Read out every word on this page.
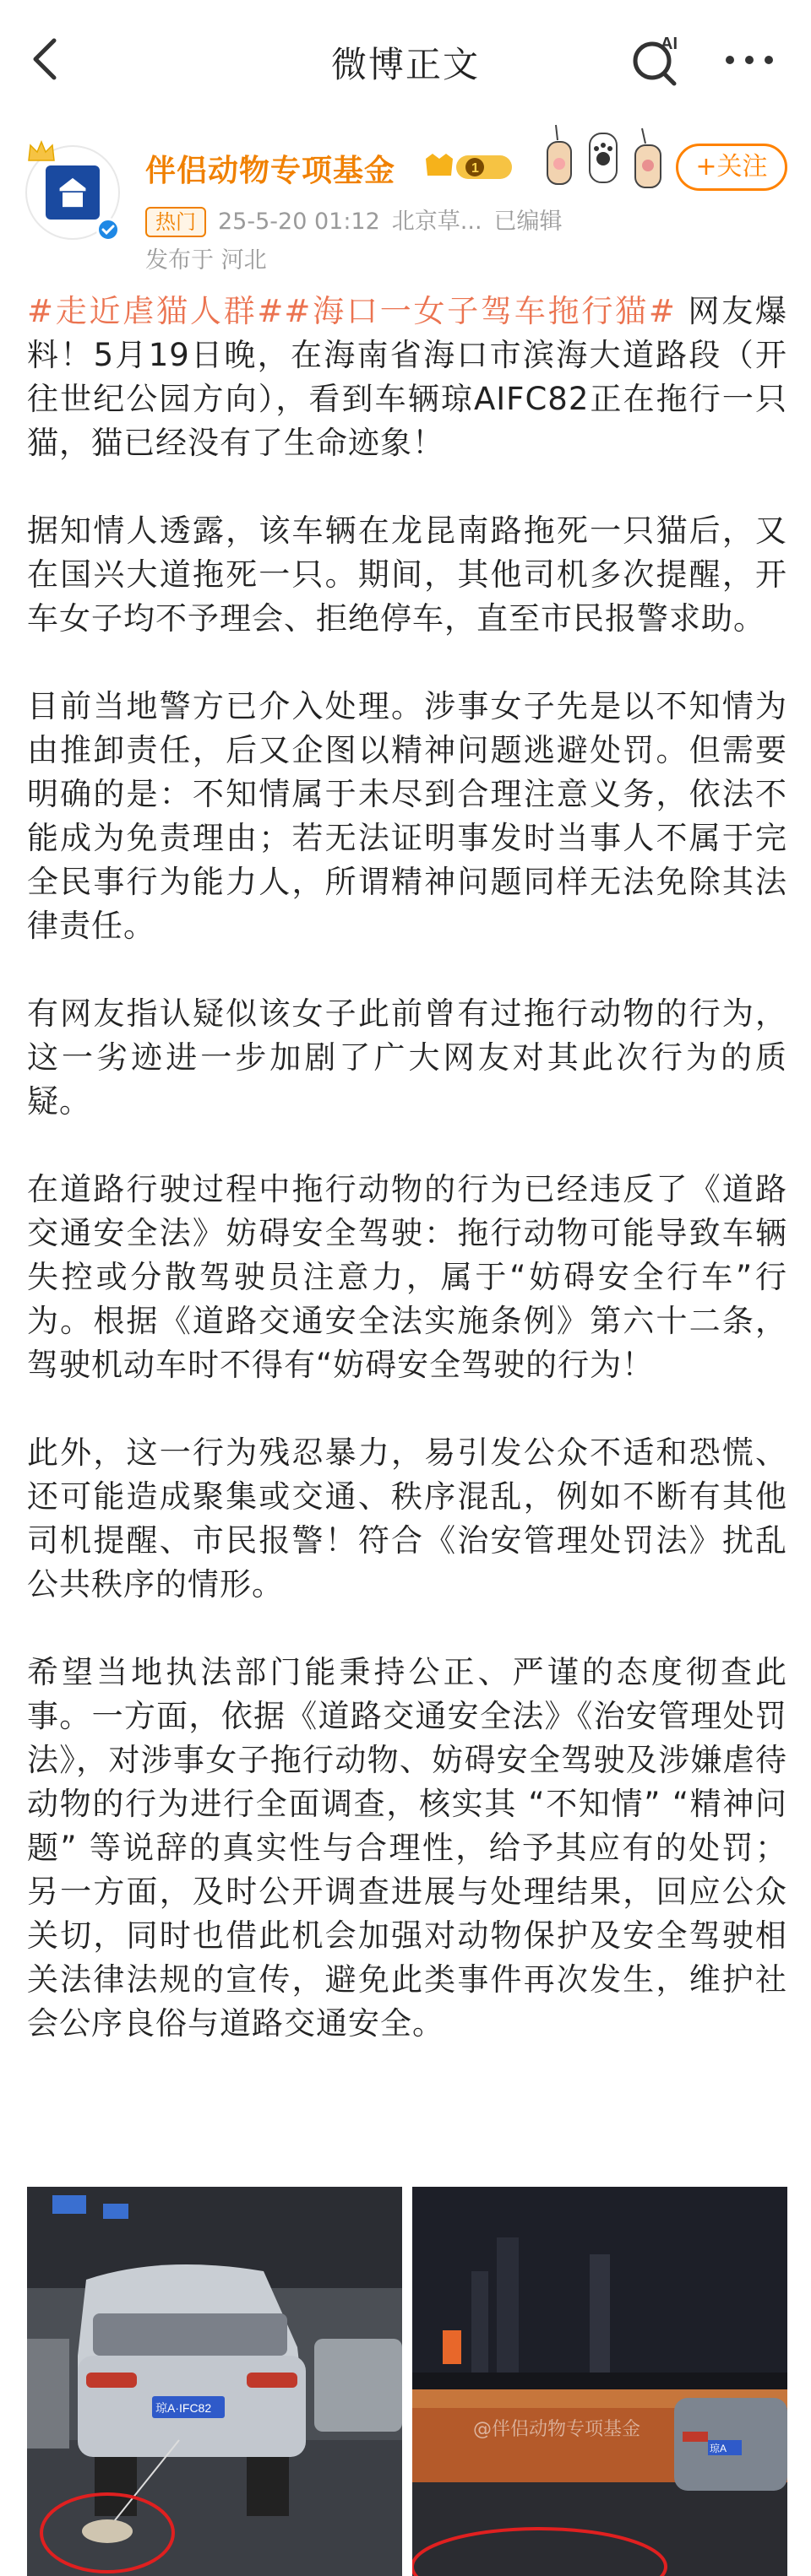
微博正文	AI
伴侣动物专项基金	1	+关注
热门 25-5-20 01:12 北京草... 已编辑
发布于 河北

#走近虐猫人群##海口一女子驾车拖行猫# 网友爆料！5月19日晚，在海南省海口市滨海大道路段（开往世纪公园方向），看到车辆琼AIFC82正在拖行一只猫，猫已经没有了生命迹象！

据知情人透露，该车辆在龙昆南路拖死一只猫后，又在国兴大道拖死一只。期间，其他司机多次提醒，开车女子均不予理会、拒绝停车，直至市民报警求助。

目前当地警方已介入处理。涉事女子先是以不知情为由推卸责任，后又企图以精神问题逃避处罚。但需要明确的是：不知情属于未尽到合理注意义务，依法不能成为免责理由；若无法证明事发时当事人不属于完全民事行为能力人，所谓精神问题同样无法免除其法律责任。

有网友指认疑似该女子此前曾有过拖行动物的行为，这一劣迹进一步加剧了广大网友对其此次行为的质疑。

在道路行驶过程中拖行动物的行为已经违反了《道路交通安全法》妨碍安全驾驶：拖行动物可能导致车辆失控或分散驾驶员注意力，属于“妨碍安全行车”行为。根据《道路交通安全法实施条例》第六十二条，驾驶机动车时不得有“妨碍安全驾驶的行为！

此外，这一行为残忍暴力，易引发公众不适和恐慌、还可能造成聚集或交通、秩序混乱，例如不断有其他司机提醒、市民报警！符合《治安管理处罚法》扰乱公共秩序的情形。

希望当地执法部门能秉持公正、严谨的态度彻查此事。一方面，依据《道路交通安全法》《治安管理处罚法》，对涉事女子拖行动物、妨碍安全驾驶及涉嫌虐待动物的行为进行全面调查，核实其 “不知情” “精神问题” 等说辞的真实性与合理性，给予其应有的处罚；另一方面，及时公开调查进展与处理结果，回应公众关切，同时也借此机会加强对动物保护及安全驾驶相关法律法规的宣传，避免此类事件再次发生，维护社会公序良俗与道路交通安全。

琼A·IFC82
琼A
@伴侣动物专项基金
